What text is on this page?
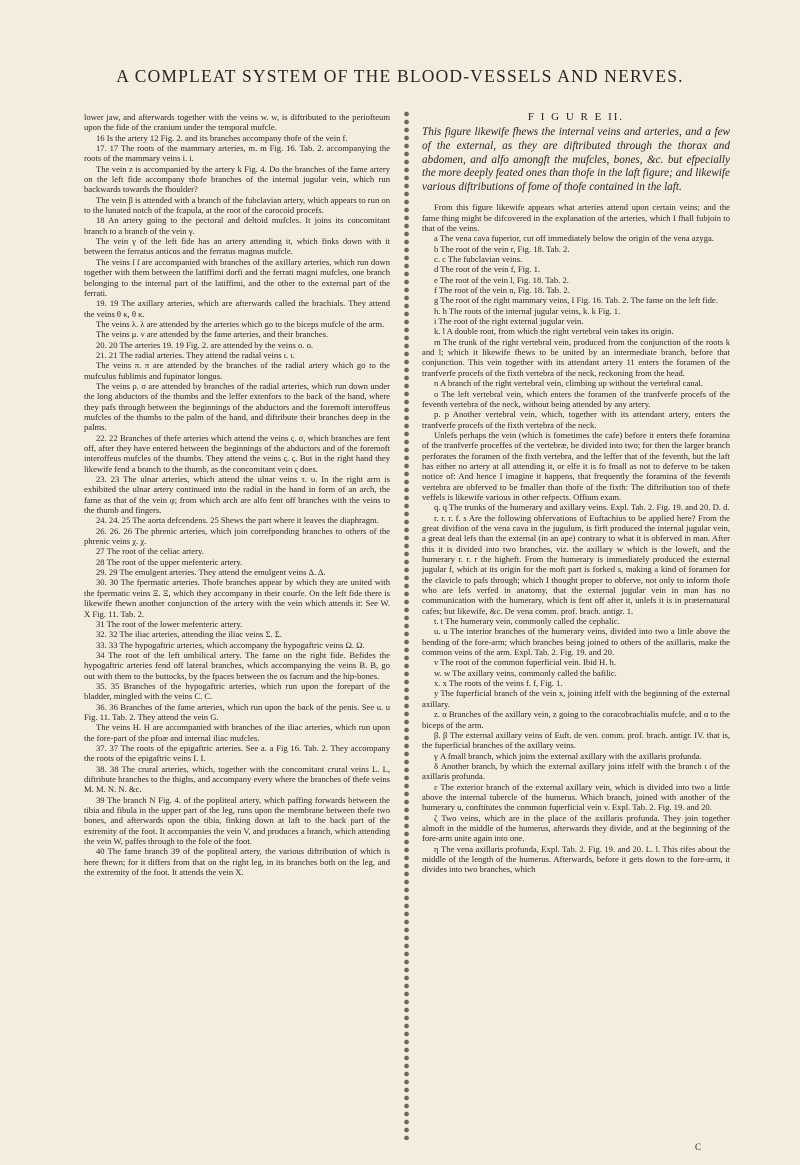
A COMPLEAT SYSTEM OF THE BLOOD-VESSELS AND NERVES.

lower jaw, and afterwards together with the veins w. w, is diftributed to the periofteum upon the fide of the cranium under the temporal mufcle.

16 Is the artery 12 Fig. 2. and its branches accompany thofe of the vein f.

17. 17 The roots of the mammary arteries, m. m Fig. 16. Tab. 2. accompanying the roots of the mammary veins i. i.

The vein z is accompanied by the artery k Fig. 4. Do the branches of the fame artery on the left fide accompany thofe branches of the internal jugular vein, which run backwards towards the fhoulder?

The vein β is attended with a branch of the fubclavian artery, which appears to run on to the lunated notch of the fcapula, at the root of the carocoid procefs.

18 An artery going to the pectoral and deltoid mufcles. It joins its concomitant branch to a branch of the vein γ.

The vein γ of the left fide has an artery attending it, which finks down with it between the ferratus anticus and the ferratus magnus mufcle.

The veins ſ ſ are accompanied with branches of the axillary arteries, which run down together with them between the latiffimi dorfi and the ferrati magni mufcles, one branch belonging to the internal part of the latiffimi, and the other to the external part of the ferrati.

19. 19 The axillary arteries, which are afterwards called the brachials. They attend the veins θ κ, θ κ.

The veins λ. λ are attended by the arteries which go to the biceps mufcle of the arm.

The veins μ. ν are attended by the fame arteries, and their branches.

20. 20 The arteries 19. 19 Fig. 2. are attended by the veins ο. ο.

21. 21 The radial arteries. They attend the radial veins ι. ι.

The veins π. π are attended by the branches of the radial artery which go to the mufculus fublimis and fupinator longus.

The veins ρ. σ are attended by branches of the radial arteries, which run down under the long abductors of the thumbs and the leffer extenfors to the back of the hand, where they pafs through between the beginnings of the abductors and the foremoft interoffeus mufcles of the thumbs to the palm of the hand, and diftribute their branches deep in the palms.

22. 22 Branches of thefe arteries which attend the veins ς. σ, which branches are fent off, after they have entered between the beginnings of the abductors and of the foremoft interoffeus mufcles of the thumbs. They attend the veins ς. ς. But in the right hand they likewife fend a branch to the thumb, as the concomitant vein ς does.

23. 23 The ulnar arteries, which attend the ulnar veins τ. υ. In the right arm is exhibited the ulnar artery continued into the radial in the hand in form of an arch, the fame as that of the vein φ; from which arch are alfo fent off branches with the veins to the thumb and fingers.

24. 24. 25 The aorta defcendens. 25 Shews the part where it leaves the diaphragm.

26. 26. 26 The phrenic arteries, which join correfponding branches to others of the phrenic veins χ. χ.

27 The root of the celiac artery.

28 The root of the upper mefenteric artery.

29. 29 The emulgent arteries. They attend the emulgent veins Δ. Δ.

30. 30 The fpermatic arteries. Thofe branches appear by which they are united with the fpermatic veins Ξ. Ξ, which they accompany in their courfe. On the left fide there is likewife fhewn another conjunction of the artery with the vein which attends it: See W. X Fig. 11. Tab. 2.

31 The root of the lower mefenteric artery.

32. 32 The iliac arteries, attending the iliac veins Σ. Σ.

33. 33 The hypogaftric arteries, which accompany the hypogaftric veins Ω. Ω.

34 The root of the left umbilical artery. The fame on the right fide. Befides the hypogaftric arteries fend off lateral branches, which accompanying the veins B. B, go out with them to the buttocks, by the fpaces between the os facrum and the hip-bones.

35. 35 Branches of the hypogaftric arteries, which run upon the forepart of the bladder, mingled with the veins C. C.

36. 36 Branches of the fame arteries, which run upon the back of the penis. See u. u Fig. 11. Tab. 2. They attend the vein G.

The veins H. H are accompanied with branches of the iliac arteries, which run upon the fore-part of the pfoæ and internal iliac mufcles.

37. 37 The roots of the epigaftric arteries. See a. a Fig 16. Tab. 2. They accompany the roots of the epigaftric veins I. I.

38. 38 The crural arteries, which, together with the concomitant crural veins L. L, diftribute branches to the thighs, and accompany every where the branches of thefe veins M. M. N. N. &c.

39 The branch N Fig. 4. of the popliteal artery, which paffing forwards between the tibia and fibula in the upper part of the leg, runs upon the membrane between thefe two bones, and afterwards upon the tibia, finking down at laft to the back part of the extremity of the foot. It accompanies the vein V, and produces a branch, which attending the vein W, paffes through to the fole of the foot.

40 The fame branch 39 of the popliteal artery, the various diftribution of which is here fhewn; for it differs from that on the right leg, in its branches both on the leg, and the extremity of the foot. It attends the vein X.

F I G U R E II.
This figure likewife fhews the internal veins and arteries, and a few of the external, as they are diftributed through the thorax and abdomen, and alfo amongft the mufcles, bones, &c. but efpecially the more deeply feated ones than thofe in the laft figure; and likewife various diftributions of fome of thofe contained in the laft.

From this figure likewife appears what arteries attend upon certain veins; and the fame thing might be difcovered in the explanation of the arteries, which I fhall fubjoin to that of the veins.

a The vena cava fuperior, cut off immediately below the origin of the vena azyga.

b The root of the vein r, Fig. 18. Tab. 2.

c. c The fubclavian veins.

d The root of the vein f, Fig. 1.

e The root of the vein l, Fig. 18. Tab. 2.

f The root of the vein n, Fig. 18. Tab. 2.

g The root of the right mammary veins, I Fig. 16. Tab. 2. The fame on the left fide.

h. h The roots of the internal jugular veins, k. k Fig. 1.

i The root of the right external jugular vein.

k. l A double root, from which the right vertebral vein takes its origin.

m The trunk of the right vertebral vein, produced from the conjunction of the roots k and l; which it likewife fhews to be united by an intermediate branch, before that conjunction. This vein together with its attendant artery 11 enters the foramen of the tranfverfe procefs of the fixth vertebra of the neck, reckoning from the head.

n A branch of the right vertebral vein, climbing up without the vertebral canal.

o The left vertebral vein, which enters the foramen of the tranfverfe procefs of the feventh vertebra of the neck, without being attended by any artery.

p. p Another vertebral vein, which, together with its attendant artery, enters the tranfverfe procefs of the fixth vertebra of the neck.

Unlefs perhaps the vein (which is fometimes the cafe) before it enters thefe foramina of the tranfverfe proceffes of the vertebræ, be divided into two; for then the larger branch perforates the foramen of the fixth vertebra, and the leffer that of the feventh, but the laft has either no artery at all attending it, or elfe it is fo fmall as not to deferve to be taken notice of: And hence I imagine it happens, that frequently the foramina of the feventh vertebra are obferved to be fmaller than thofe of the fixth: The diftribution too of thefe veffels is likewife various in other refpects. Offium exam.

q. q The trunks of the humerary and axillary veins. Expl. Tab. 2. Fig. 19. and 20. D. d.

r. r. r. f. s Are the following obfervations of Euftachius to be applied here? From the great divifion of the vena cava in the jugulum, is firft produced the internal jugular vein, a great deal lefs than the external (in an ape) contrary to what it is obferved in man. After this it is divided into two branches, viz. the axillary w which is the loweft, and the humerary r. r. r the higheft. From the humerary is immediately produced the external jugular f, which at its origin for the moft part is forked s, making a kind of foramen for the clavicle to pafs through; which I thought proper to obferve, not only to inform thofe who are lefs verfed in anatomy, that the external jugular vein in man has no communication with the humerary, which is fent off after it, unlefs it is in præternatural cafes; but likewife, &c. De vena comm. prof. brach. antigr. 1.

t. t The humerary vein, commonly called the cephalic.

u. u The interior branches of the humerary veins, divided into two a little above the bending of the fore-arm; which branches being joined to others of the axillaris, make the common veins of the arm. Expl. Tab. 2. Fig. 19. and 20.

v The root of the common fuperficial vein. Ibid H. h.

w. w The axillary veins, commonly called the bafilic.

x. x The roots of the veins f. f, Fig. 1.

y The fuperficial branch of the vein x, joining itfelf with the beginning of the external axillary.

z. α Branches of the axillary vein, z going to the coracobrachialis mufcle, and α to the biceps of the arm.

β. β The external axillary veins of Euft. de ven. comm. prof. brach. antigr. IV. that is, the fuperficial branches of the axillary veins.

γ A fmall branch, which joins the external axillary with the axillaris profunda.

δ Another branch, by which the external axillary joins itfelf with the branch ι of the axillaris profunda.

ε The exterior branch of the external axillary vein, which is divided into two a little above the internal tubercle of the humerus. Which branch, joined with another of the humerary u, conftitutes the common fuperficial vein v. Expl. Tab. 2. Fig. 19. and 20.

ζ Two veins, which are in the place of the axillaris profunda. They join together almoft in the middle of the humerus, afterwards they divide, and at the beginning of the fore-arm unite again into one.

η The vena axillaris profunda, Expl. Tab. 2. Fig. 19. and 20. L. l. This rifes about the middle of the length of the humerus. Afterwards, before it gets down to the fore-arm, it divides into two branches, which

C
